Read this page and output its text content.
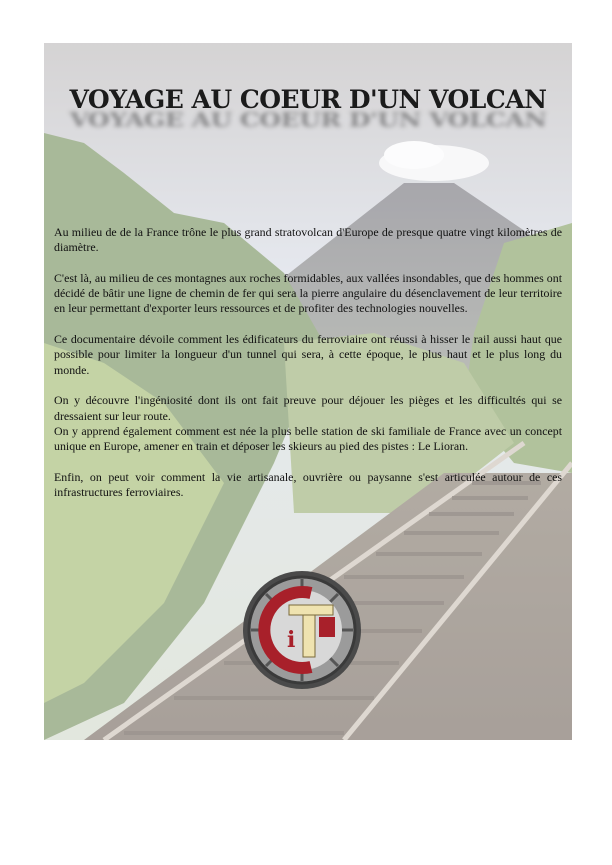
VOYAGE AU COEUR D'UN VOLCAN
VOYAGE AU COEUR D'UN VOLCAN

Au milieu de de la France trône le plus grand stratovolcan d'Europe de presque quatre vingt kilomètres de diamètre.

C'est là, au milieu de ces montagnes aux roches formidables, aux vallées insondables, que des hommes ont décidé de bâtir une ligne de chemin de fer qui sera la pierre angulaire du désenclavement de leur territoire en leur permettant d'exporter leurs ressources et de profiter des technologies nouvelles.

Ce documentaire dévoile comment les édificateurs du ferroviaire ont réussi à hisser le rail aussi haut que possible pour limiter la longueur d'un tunnel qui sera, à cette époque, le plus haut et le plus long du monde.

On y découvre l'ingéniosité dont ils ont fait preuve pour déjouer les pièges et les difficultés qui se dressaient sur leur route.

On y apprend également comment est née la plus belle station de ski familiale de France avec un concept unique en Europe, amener en train et déposer les skieurs au pied des pistes : Le Lioran.

Enfin, on peut voir comment la vie artisanale, ouvrière ou paysanne s'est articulée autour de ces infrastructures ferroviaires.

i
